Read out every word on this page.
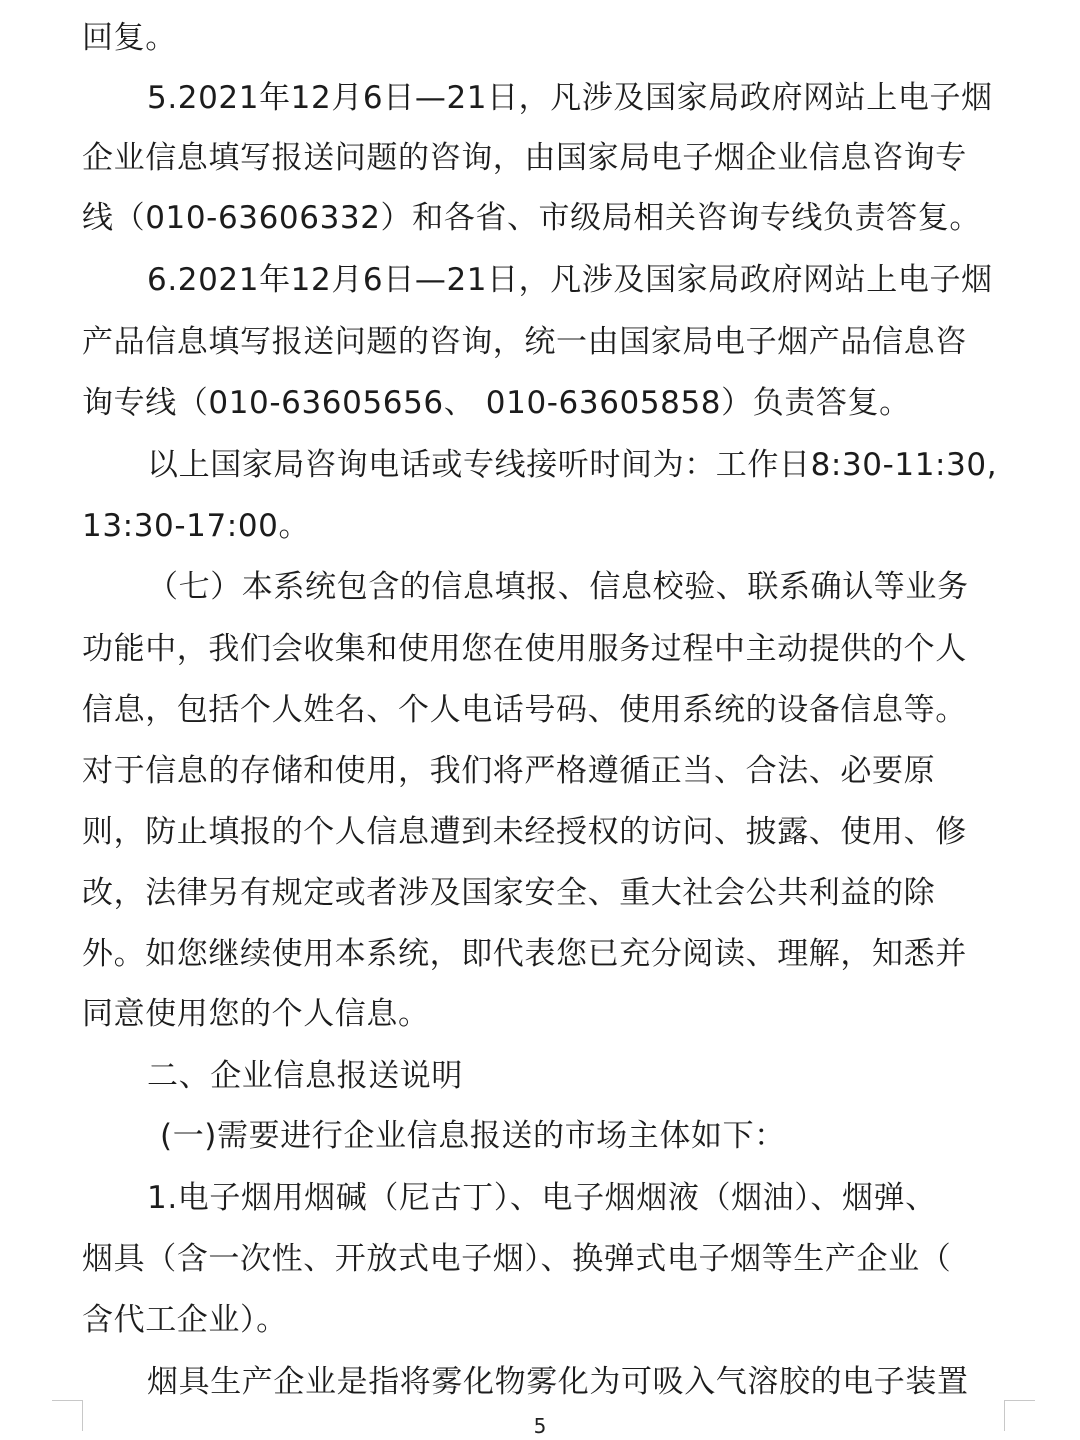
回复。
5.2021年12月6日—21日，凡涉及国家局政府网站上电子烟
企业信息填写报送问题的咨询，由国家局电子烟企业信息咨询专
线（010-63606332）和各省、市级局相关咨询专线负责答复。
6.2021年12月6日—21日，凡涉及国家局政府网站上电子烟
产品信息填写报送问题的咨询，统一由国家局电子烟产品信息咨
询专线（010-63605656、 010-63605858）负责答复。
以上国家局咨询电话或专线接听时间为：工作日8:30-11:30,
13:30-17:00。
（七）本系统包含的信息填报、信息校验、联系确认等业务
功能中，我们会收集和使用您在使用服务过程中主动提供的个人
信息，包括个人姓名、个人电话号码、使用系统的设备信息等。
对于信息的存储和使用，我们将严格遵循正当、合法、必要原
则，防止填报的个人信息遭到未经授权的访问、披露、使用、修
改，法律另有规定或者涉及国家安全、重大社会公共利益的除
外。如您继续使用本系统，即代表您已充分阅读、理解，知悉并
同意使用您的个人信息。
二、企业信息报送说明
(一)需要进行企业信息报送的市场主体如下：
1.电子烟用烟碱（尼古丁）、电子烟烟液（烟油）、烟弹、
烟具（含一次性、开放式电子烟）、换弹式电子烟等生产企业（
含代工企业）。
烟具生产企业是指将雾化物雾化为可吸入气溶胶的电子装置
5
